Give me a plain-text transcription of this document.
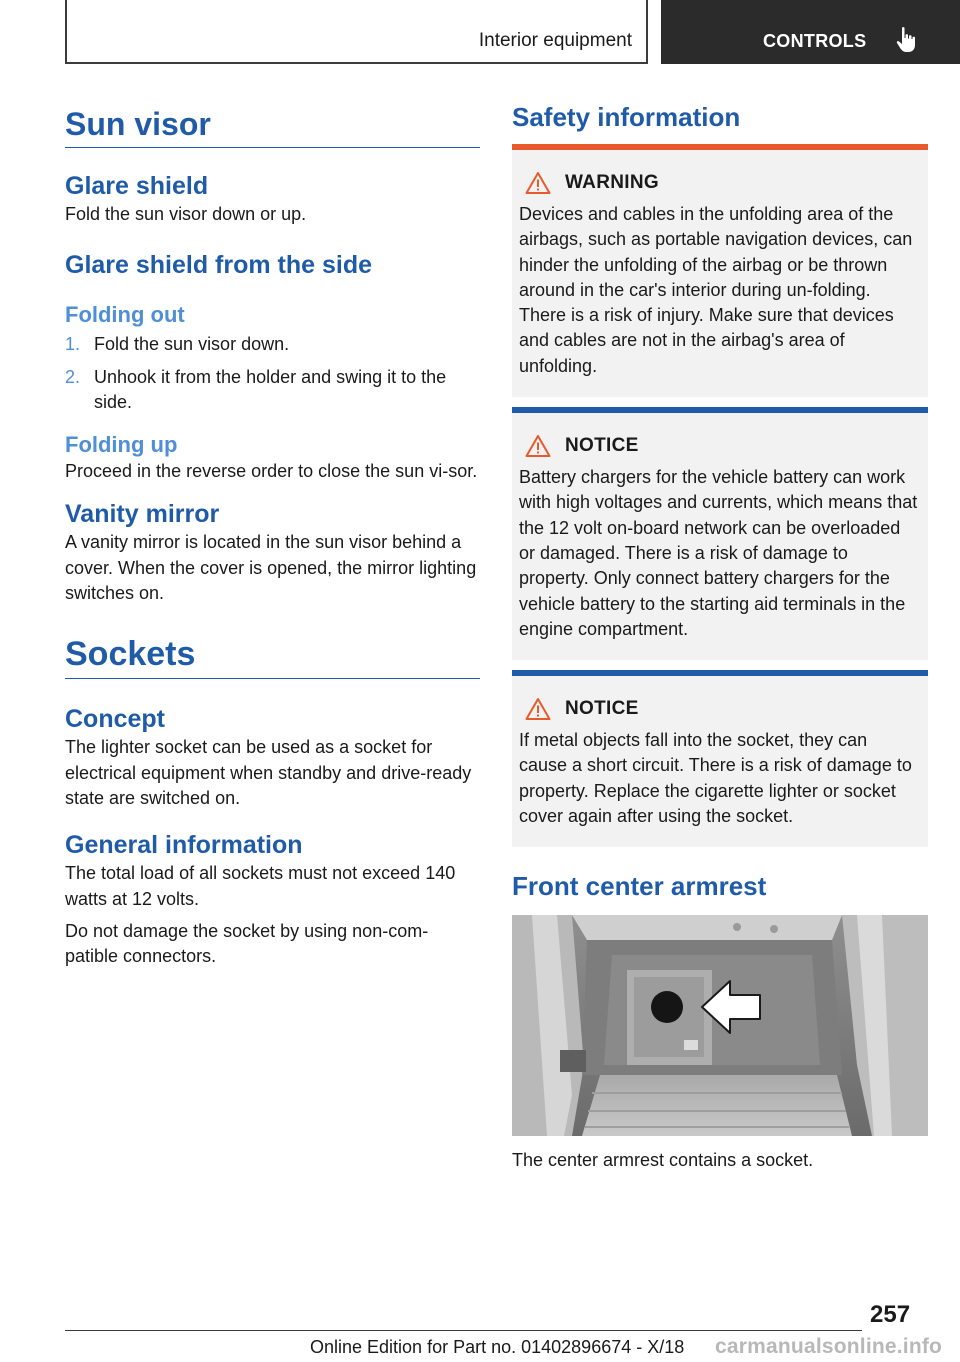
Interior equipment	CONTROLS
Sun visor
Glare shield

Fold the sun visor down or up.

Glare shield from the side
Folding out
1. Fold the sun visor down.
2. Unhook it from the holder and swing it to the side.
Folding up

Proceed in the reverse order to close the sun vi-sor.

Vanity mirror

A vanity mirror is located in the sun visor behind a cover. When the cover is opened, the mirror lighting switches on.

Sockets
Concept

The lighter socket can be used as a socket for electrical equipment when standby and drive-ready state are switched on.

General information

The total load of all sockets must not exceed 140 watts at 12 volts.

Do not damage the socket by using non-com-patible connectors.

Safety information
WARNING

Devices and cables in the unfolding area of the airbags, such as portable navigation devices, can hinder the unfolding of the airbag or be thrown around in the car's interior during un-folding. There is a risk of injury. Make sure that devices and cables are not in the airbag's area of unfolding.

NOTICE

Battery chargers for the vehicle battery can work with high voltages and currents, which means that the 12 volt on-board network can be overloaded or damaged. There is a risk of damage to property. Only connect battery chargers for the vehicle battery to the starting aid terminals in the engine compartment.

NOTICE

If metal objects fall into the socket, they can cause a short circuit. There is a risk of damage to property. Replace the cigarette lighter or socket cover again after using the socket.

Front center armrest

The center armrest contains a socket.

257
Online Edition for Part no. 01402896674 - X/18 carmanualsonline.info
